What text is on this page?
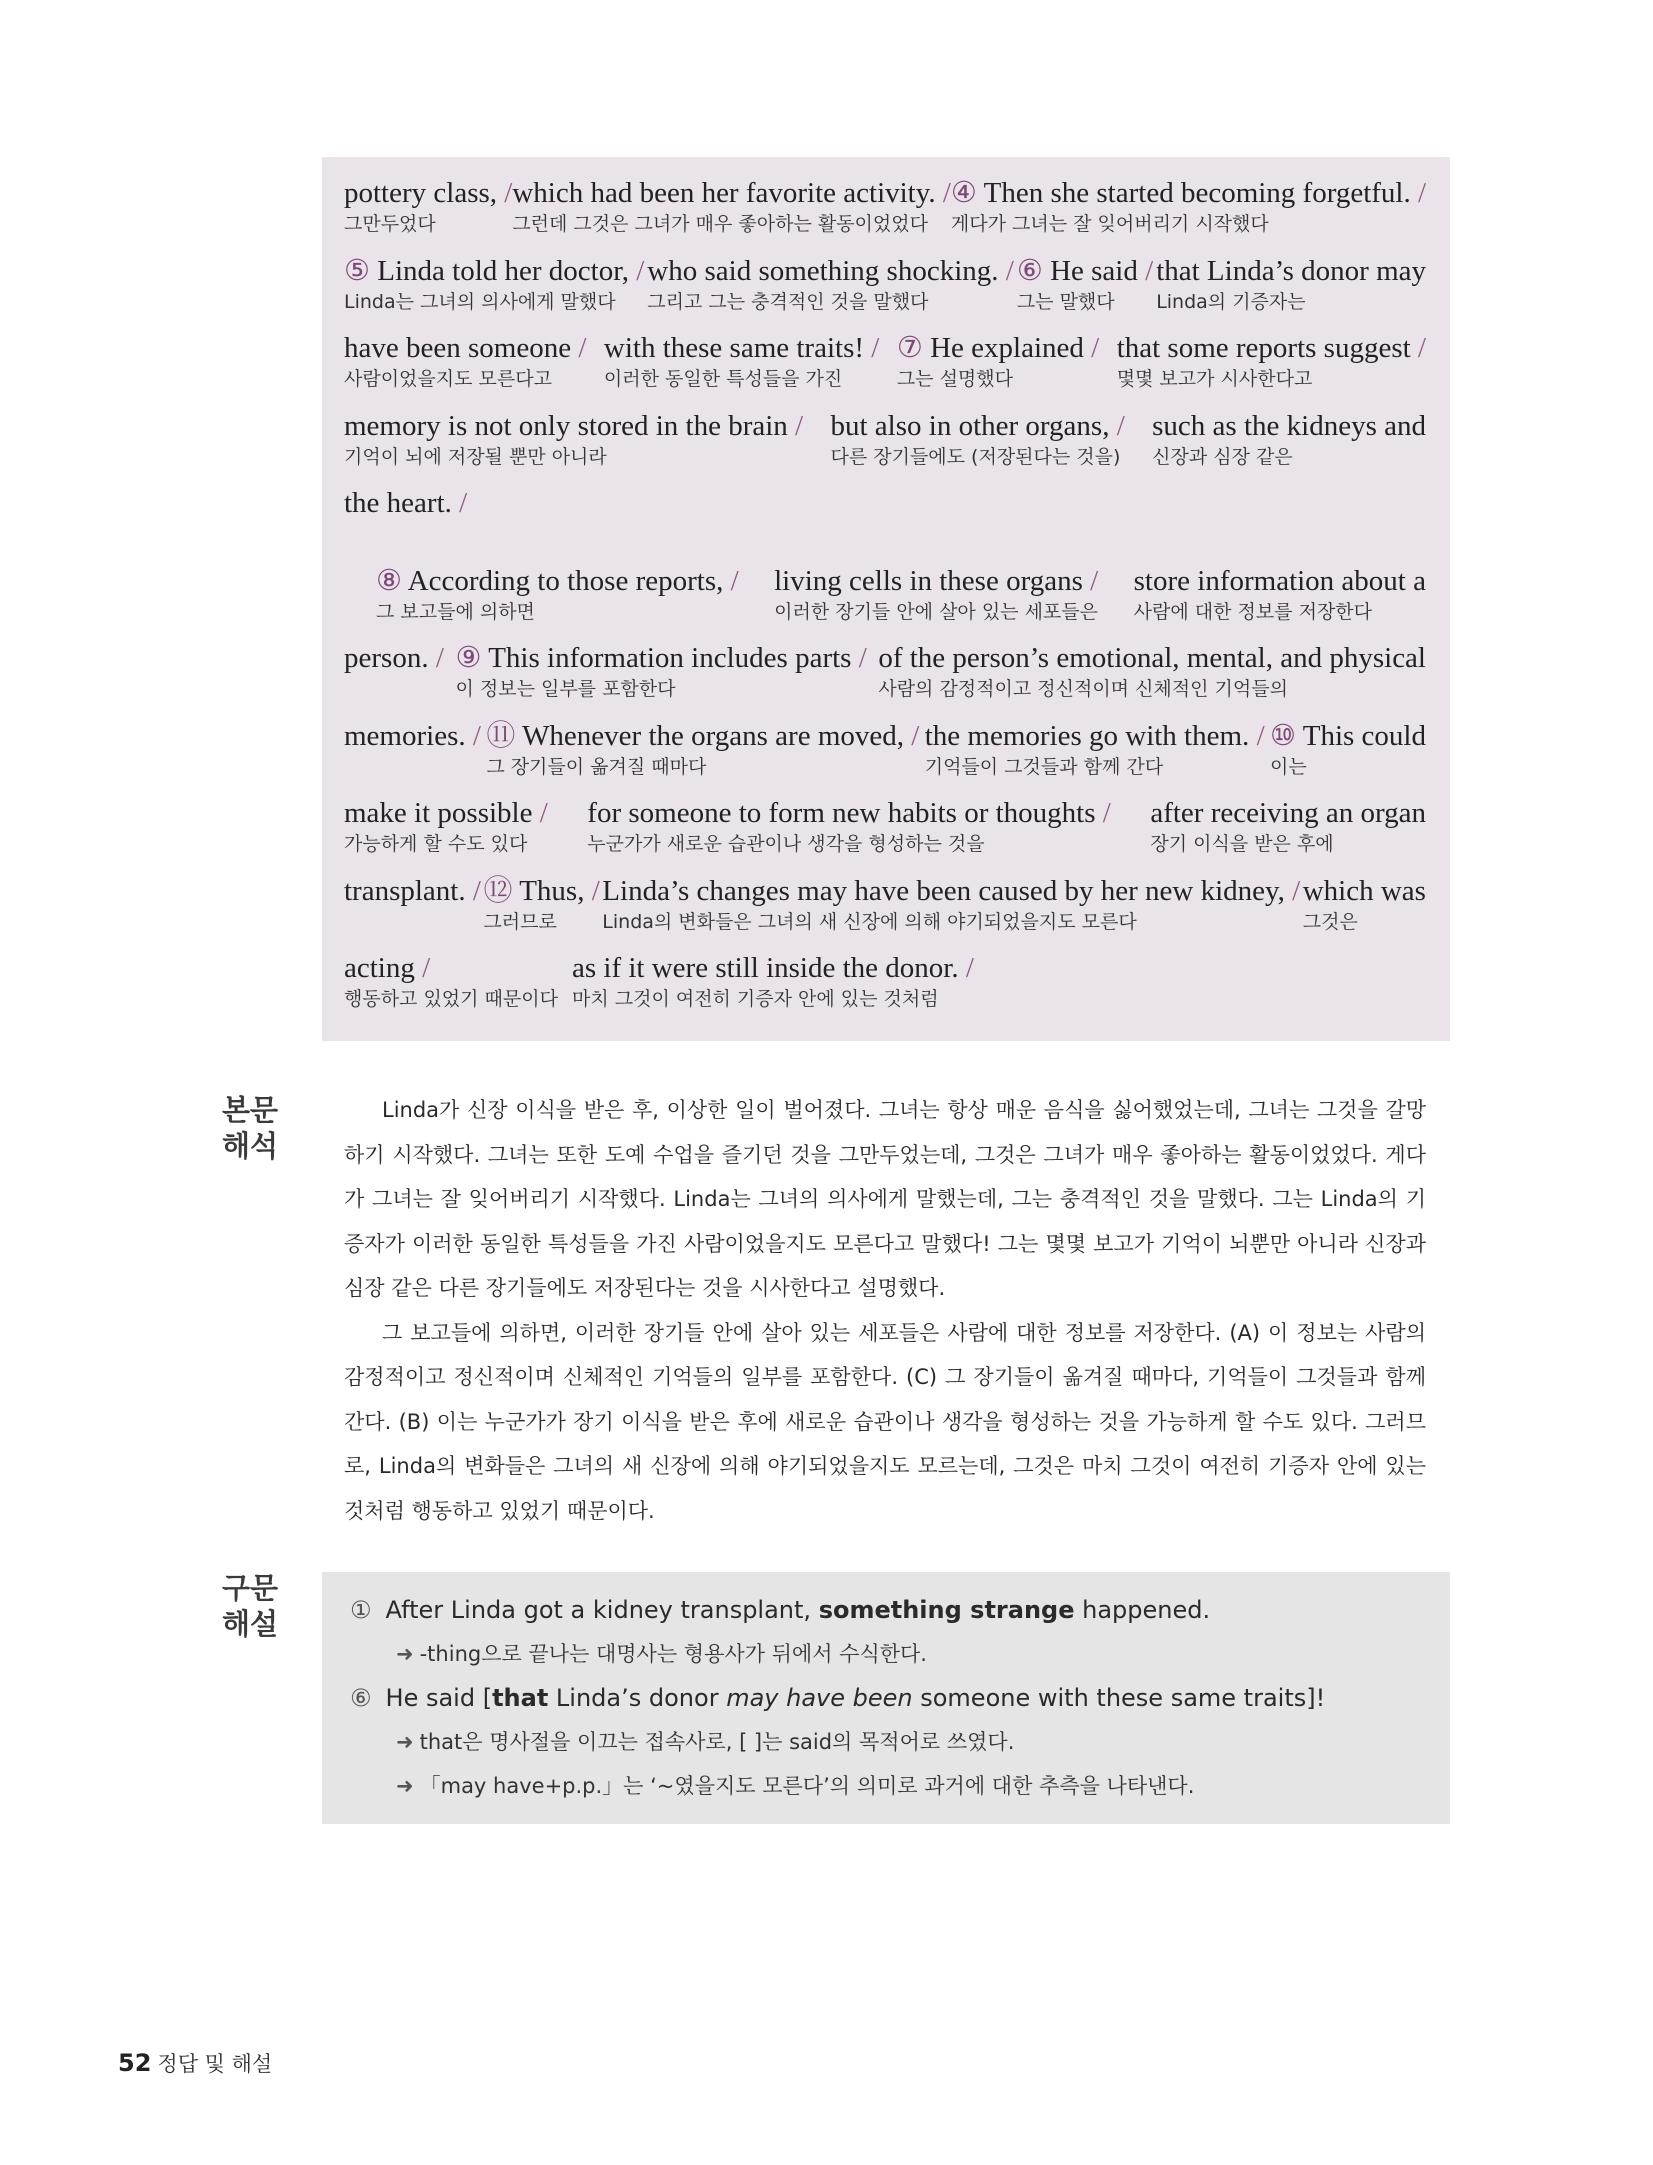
pottery class, /
그만두었다
which had been her favorite activity. /
그런데 그것은 그녀가 매우 좋아하는 활동이었었다
④ Then she started becoming forgetful. /
게다가 그녀는 잘 잊어버리기 시작했다
⑤ Linda told her doctor, /
Linda는 그녀의 의사에게 말했다
who said something shocking. /
그리고 그는 충격적인 것을 말했다
⑥ He said /
그는 말했다
that Linda’s donor may
Linda의 기증자는
have been someone /
사람이었을지도 모른다고
with these same traits! /
이러한 동일한 특성들을 가진
⑦ He explained /
그는 설명했다
that some reports suggest /
몇몇 보고가 시사한다고
memory is not only stored in the brain /
기억이 뇌에 저장될 뿐만 아니라
but also in other organs, /
다른 장기들에도 (저장된다는 것을)
such as the kidneys and
신장과 심장 같은
the heart. /
⑧ According to those reports, /
그 보고들에 의하면
living cells in these organs /
이러한 장기들 안에 살아 있는 세포들은
store information about a
사람에 대한 정보를 저장한다
person. / ⑨ This information includes parts /
이 정보는 일부를 포함한다
of the person’s emotional, mental, and physical
사람의 감정적이고 정신적이며 신체적인 기억들의
memories. / ⑪ Whenever the organs are moved, /
그 장기들이 옮겨질 때마다
the memories go with them. /
기억들이 그것들과 함께 간다
⑩ This could
이는
make it possible /
가능하게 할 수도 있다
for someone to form new habits or thoughts /
누군가가 새로운 습관이나 생각을 형성하는 것을
after receiving an organ
장기 이식을 받은 후에
transplant. / ⑫ Thus, /
그러므로
Linda’s changes may have been caused by her new kidney, /
Linda의 변화들은 그녀의 새 신장에 의해 야기되었을지도 모른다
which was
그것은
acting /
행동하고 있었기 때문이다
as if it were still inside the donor. /
마치 그것이 여전히 기증자 안에 있는 것처럼
본문
해석

Linda가 신장 이식을 받은 후, 이상한 일이 벌어졌다. 그녀는 항상 매운 음식을 싫어했었는데, 그녀는 그것을 갈망하기 시작했다. 그녀는 또한 도예 수업을 즐기던 것을 그만두었는데, 그것은 그녀가 매우 좋아하는 활동이었었다. 게다가 그녀는 잘 잊어버리기 시작했다. Linda는 그녀의 의사에게 말했는데, 그는 충격적인 것을 말했다. 그는 Linda의 기증자가 이러한 동일한 특성들을 가진 사람이었을지도 모른다고 말했다! 그는 몇몇 보고가 기억이 뇌뿐만 아니라 신장과 심장 같은 다른 장기들에도 저장된다는 것을 시사한다고 설명했다.

그 보고들에 의하면, 이러한 장기들 안에 살아 있는 세포들은 사람에 대한 정보를 저장한다. (A) 이 정보는 사람의 감정적이고 정신적이며 신체적인 기억들의 일부를 포함한다. (C) 그 장기들이 옮겨질 때마다, 기억들이 그것들과 함께 간다. (B) 이는 누군가가 장기 이식을 받은 후에 새로운 습관이나 생각을 형성하는 것을 가능하게 할 수도 있다. 그러므로, Linda의 변화들은 그녀의 새 신장에 의해 야기되었을지도 모르는데, 그것은 마치 그것이 여전히 기증자 안에 있는 것처럼 행동하고 있었기 때문이다.

구문
해설	① After Linda got a kidney transplant, something strange happened.
➜ -thing으로 끝나는 대명사는 형용사가 뒤에서 수식한다.
⑥ He said [that Linda’s donor may have been someone with these same traits]!
➜ that은 명사절을 이끄는 접속사로, [ ]는 said의 목적어로 쓰였다.
➜ 「may have+p.p.」는 ‘~였을지도 모른다’의 의미로 과거에 대한 추측을 나타낸다.
52 정답 및 해설
